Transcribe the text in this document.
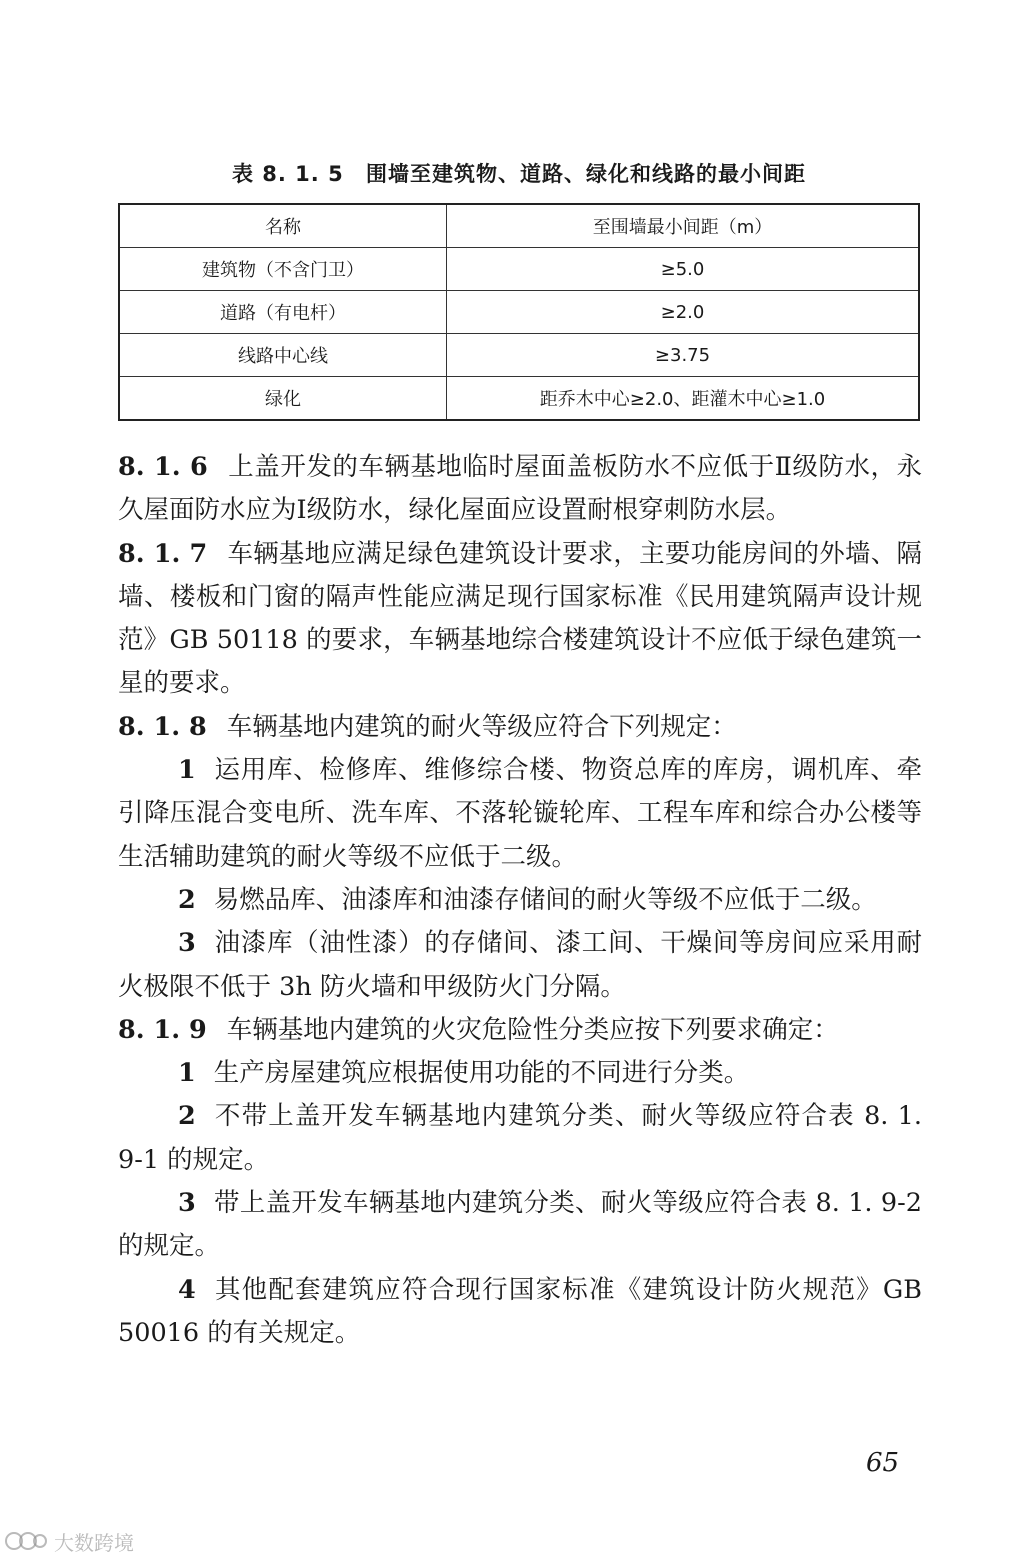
表 8. 1. 5 围墙至建筑物、道路、绿化和线路的最小间距
名称	至围墙最小间距（m）
建筑物（不含门卫）	≥5.0
道路（有电杆）	≥2.0
线路中心线	≥3.75
绿化	距乔木中心≥2.0、距灌木中心≥1.0

8. 1. 6 上盖开发的车辆基地临时屋面盖板防水不应低于Ⅱ级防水，永久屋面防水应为Ⅰ级防水，绿化屋面应设置耐根穿刺防水层。

8. 1. 7 车辆基地应满足绿色建筑设计要求，主要功能房间的外墙、隔墙、楼板和门窗的隔声性能应满足现行国家标准《民用建筑隔声设计规范》GB 50118 的要求，车辆基地综合楼建筑设计不应低于绿色建筑一星的要求。

8. 1. 8 车辆基地内建筑的耐火等级应符合下列规定：

1 运用库、检修库、维修综合楼、物资总库的库房，调机库、牵引降压混合变电所、洗车库、不落轮镟轮库、工程车库和综合办公楼等生活辅助建筑的耐火等级不应低于二级。

2 易燃品库、油漆库和油漆存储间的耐火等级不应低于二级。

3 油漆库（油性漆）的存储间、漆工间、干燥间等房间应采用耐火极限不低于 3h 防火墙和甲级防火门分隔。

8. 1. 9 车辆基地内建筑的火灾危险性分类应按下列要求确定：

1 生产房屋建筑应根据使用功能的不同进行分类。

2 不带上盖开发车辆基地内建筑分类、耐火等级应符合表 8. 1. 9-1 的规定。

3 带上盖开发车辆基地内建筑分类、耐火等级应符合表 8. 1. 9-2 的规定。

4 其他配套建筑应符合现行国家标准《建筑设计防火规范》GB 50016 的有关规定。

65
大数跨境
